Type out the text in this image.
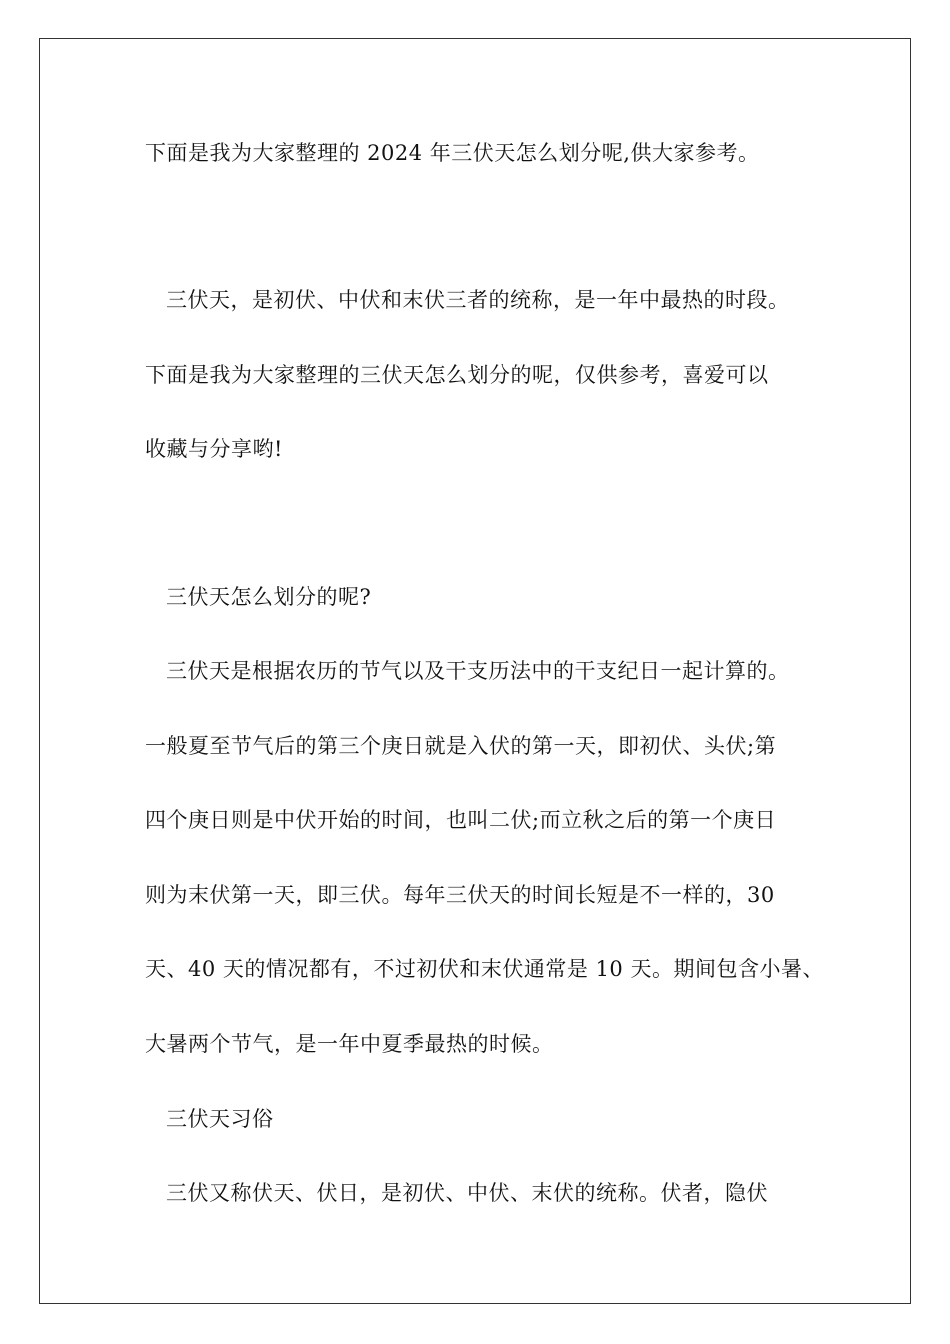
下面是我为大家整理的 2024 年三伏天怎么划分呢,供大家参考。
三伏天，是初伏、中伏和末伏三者的统称，是一年中最热的时段。
下面是我为大家整理的三伏天怎么划分的呢，仅供参考，喜爱可以
收藏与分享哟!
三伏天怎么划分的呢?
三伏天是根据农历的节气以及干支历法中的干支纪日一起计算的。
一般夏至节气后的第三个庚日就是入伏的第一天，即初伏、头伏;第
四个庚日则是中伏开始的时间，也叫二伏;而立秋之后的第一个庚日
则为末伏第一天，即三伏。每年三伏天的时间长短是不一样的，30
天、40 天的情况都有，不过初伏和末伏通常是 10 天。期间包含小暑、
大暑两个节气，是一年中夏季最热的时候。
三伏天习俗
三伏又称伏天、伏日，是初伏、中伏、末伏的统称。伏者，隐伏
